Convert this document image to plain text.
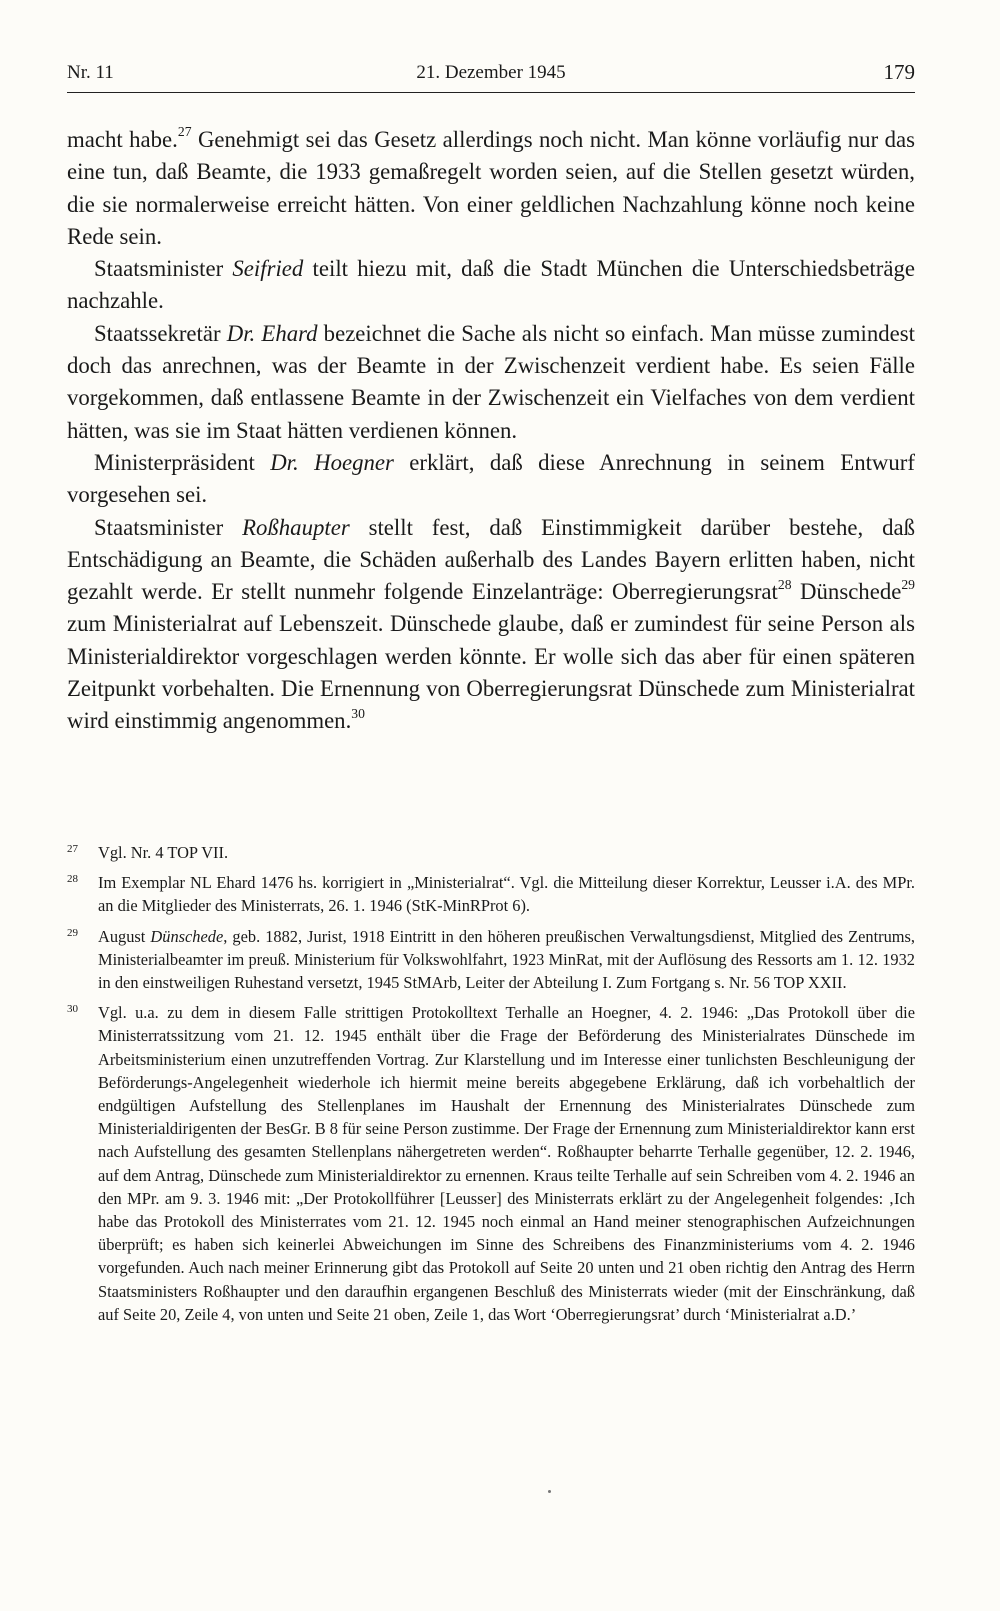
Nr. 11	21. Dezember 1945	179

macht habe.$^{27}$ Genehmigt sei das Gesetz allerdings noch nicht. Man könne vorläufig nur das eine tun, daß Beamte, die 1933 gemaßregelt worden seien, auf die Stellen gesetzt würden, die sie normalerweise erreicht hätten. Von einer geldlichen Nachzahlung könne noch keine Rede sein.

Staatsminister Seifried teilt hiezu mit, daß die Stadt München die Unterschiedsbeträge nachzahle.

Staatssekretär Dr. Ehard bezeichnet die Sache als nicht so einfach. Man müsse zumindest doch das anrechnen, was der Beamte in der Zwischenzeit verdient habe. Es seien Fälle vorgekommen, daß entlassene Beamte in der Zwischenzeit ein Vielfaches von dem verdient hätten, was sie im Staat hätten verdienen können.

Ministerpräsident Dr. Hoegner erklärt, daß diese Anrechnung in seinem Entwurf vorgesehen sei.

Staatsminister Roßhaupter stellt fest, daß Einstimmigkeit darüber bestehe, daß Entschädigung an Beamte, die Schäden außerhalb des Landes Bayern erlitten haben, nicht gezahlt werde. Er stellt nunmehr folgende Einzelanträge: Oberregierungsrat$^{28}$ Dünschede$^{29}$ zum Ministerialrat auf Lebenszeit. Dünschede glaube, daß er zumindest für seine Person als Ministerialdirektor vorgeschlagen werden könnte. Er wolle sich das aber für einen späteren Zeitpunkt vorbehalten. Die Ernennung von Oberregierungsrat Dünschede zum Ministerialrat wird einstimmig angenommen.$^{30}$

27 Vgl. Nr. 4 TOP VII.
28 Im Exemplar NL Ehard 1476 hs. korrigiert in „Ministerialrat“. Vgl. die Mitteilung dieser Korrektur, Leusser i.A. des MPr. an die Mitglieder des Ministerrats, 26. 1. 1946 (StK-MinRProt 6).
29 August Dünschede, geb. 1882, Jurist, 1918 Eintritt in den höheren preußischen Verwaltungsdienst, Mitglied des Zentrums, Ministerialbeamter im preuß. Ministerium für Volkswohlfahrt, 1923 MinRat, mit der Auflösung des Ressorts am 1. 12. 1932 in den einstweiligen Ruhestand versetzt, 1945 StMArb, Leiter der Abteilung I. Zum Fortgang s. Nr. 56 TOP XXII.
30 Vgl. u.a. zu dem in diesem Falle strittigen Protokolltext Terhalle an Hoegner, 4. 2. 1946: „Das Protokoll über die Ministerratssitzung vom 21. 12. 1945 enthält über die Frage der Beförderung des Ministerialrates Dünschede im Arbeitsministerium einen unzutreffenden Vortrag. Zur Klarstellung und im Interesse einer tunlichsten Beschleunigung der Beförderungs-Angelegenheit wiederhole ich hiermit meine bereits abgegebene Erklärung, daß ich vorbehaltlich der endgültigen Aufstellung des Stellenplanes im Haushalt der Ernennung des Ministerialrates Dünschede zum Ministerialdirigenten der BesGr. B 8 für seine Person zustimme. Der Frage der Ernennung zum Ministerialdirektor kann erst nach Aufstellung des gesamten Stellenplans nähergetreten werden“. Roßhaupter beharrte Terhalle gegenüber, 12. 2. 1946, auf dem Antrag, Dünschede zum Ministerialdirektor zu ernennen. Kraus teilte Terhalle auf sein Schreiben vom 4. 2. 1946 an den MPr. am 9. 3. 1946 mit: „Der Protokollführer [Leusser] des Ministerrats erklärt zu der Angelegenheit folgendes: ‚Ich habe das Protokoll des Ministerrates vom 21. 12. 1945 noch einmal an Hand meiner stenographischen Aufzeichnungen überprüft; es haben sich keinerlei Abweichungen im Sinne des Schreibens des Finanzministeriums vom 4. 2. 1946 vorgefunden. Auch nach meiner Erinnerung gibt das Protokoll auf Seite 20 unten und 21 oben richtig den Antrag des Herrn Staatsministers Roßhaupter und den daraufhin ergangenen Beschluß des Ministerrats wieder (mit der Einschränkung, daß auf Seite 20, Zeile 4, von unten und Seite 21 oben, Zeile 1, das Wort ‘Oberregierungsrat’ durch ‘Ministerialrat a.D.’
